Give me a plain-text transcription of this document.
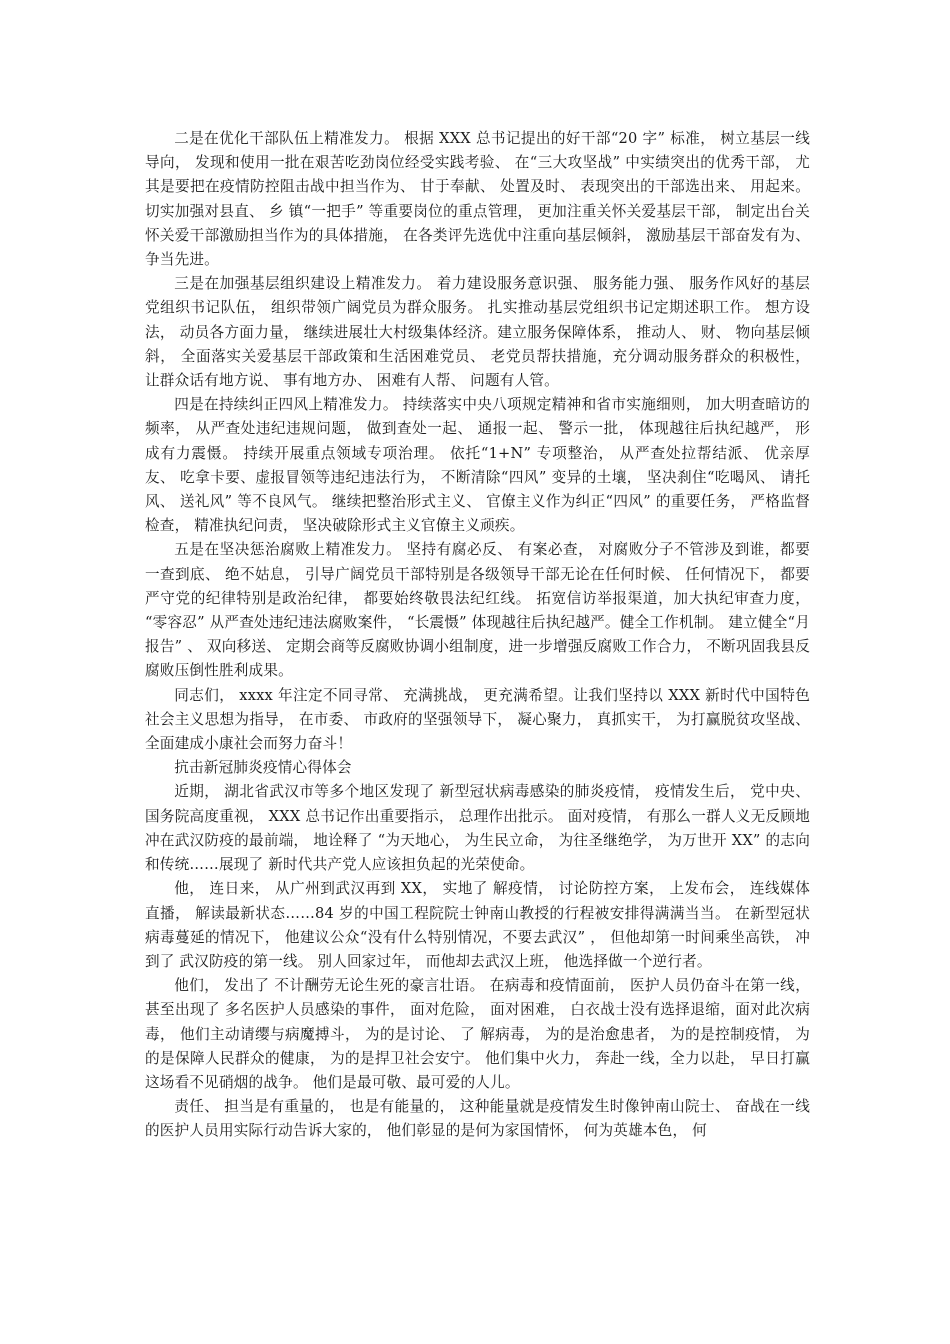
二是在优化干部队伍上精准发力。 根据 XXX 总书记提出的好干部“20 字” 标准， 树立基层一线导向， 发现和使用一批在艰苦吃劲岗位经受实践考验、 在“三大攻坚战” 中实绩突出的优秀干部， 尤其是要把在疫情防控阻击战中担当作为、 甘于奉献、 处置及时、 表现突出的干部选出来、 用起来。 切实加强对县直、 乡 镇“一把手” 等重要岗位的重点管理， 更加注重关怀关爱基层干部， 制定出台关怀关爱干部激励担当作为的具体措施， 在各类评先选优中注重向基层倾斜， 激励基层干部奋发有为、 争当先进。

三是在加强基层组织建设上精准发力。 着力建设服务意识强、 服务能力强、 服务作风好的基层党组织书记队伍， 组织带领广阔党员为群众服务。 扎实推动基层党组织书记定期述职工作。 想方设法， 动员各方面力量， 继续进展壮大村级集体经济。建立服务保障体系， 推动人、 财、 物向基层倾斜， 全面落实关爱基层干部政策和生活困难党员、 老党员帮扶措施，充分调动服务群众的积极性， 让群众话有地方说、 事有地方办、 困难有人帮、 问题有人管。

四是在持续纠正四风上精准发力。 持续落实中央八项规定精神和省市实施细则， 加大明查暗访的频率， 从严查处违纪违规问题， 做到查处一起、 通报一起、 警示一批， 体现越往后执纪越严， 形成有力震慑。 持续开展重点领域专项治理。 依托“1+N” 专项整治， 从严查处拉帮结派、 优亲厚友、 吃拿卡要、虚报冒领等违纪违法行为， 不断清除“四风” 变异的土壤， 坚决刹住“吃喝风、 请托风、 送礼风” 等不良风气。 继续把整治形式主义、 官僚主义作为纠正“四风” 的重要任务， 严格监督检查， 精准执纪问责， 坚决破除形式主义官僚主义顽疾。

五是在坚决惩治腐败上精准发力。 坚持有腐必反、 有案必查， 对腐败分子不管涉及到谁，都要一查到底、 绝不姑息， 引导广阔党员干部特别是各级领导干部无论在任何时候、 任何情况下， 都要严守党的纪律特别是政治纪律， 都要始终敬畏法纪红线。 拓宽信访举报渠道，加大执纪审查力度， “零容忍” 从严查处违纪违法腐败案件， “长震慑” 体现越往后执纪越严。健全工作机制。 建立健全“月 报告” 、 双向移送、 定期会商等反腐败协调小组制度，进一步增强反腐败工作合力， 不断巩固我县反腐败压倒性胜利成果。

同志们， xxxx 年注定不同寻常、 充满挑战， 更充满希望。让我们坚持以 XXX 新时代中国特色社会主义思想为指导， 在市委、 市政府的坚强领导下， 凝心聚力， 真抓实干， 为打赢脱贫攻坚战、 全面建成小康社会而努力奋斗！

抗击新冠肺炎疫情心得体会

近期， 湖北省武汉市等多个地区发现了 新型冠状病毒感染的肺炎疫情， 疫情发生后， 党中央、 国务院高度重视， XXX 总书记作出重要指示， 总理作出批示。 面对疫情， 有那么一群人义无反顾地冲在武汉防疫的最前端， 地诠释了 “为天地心， 为生民立命， 为往圣继绝学， 为万世开 XX” 的志向和传统……展现了 新时代共产党人应该担负起的光荣使命。

他， 连日来， 从广州到武汉再到 XX， 实地了 解疫情， 讨论防控方案， 上发布会， 连线媒体直播， 解读最新状态……84 岁的中国工程院院士钟南山教授的行程被安排得满满当当。 在新型冠状病毒蔓延的情况下， 他建议公众“没有什么特别情况，不要去武汉” ， 但他却第一时间乘坐高铁， 冲到了 武汉防疫的第一线。 别人回家过年， 而他却去武汉上班， 他选择做一个逆行者。

他们， 发出了 不计酬劳无论生死的豪言壮语。 在病毒和疫情面前， 医护人员仍奋斗在第一线， 甚至出现了 多名医护人员感染的事件， 面对危险， 面对困难， 白衣战士没有选择退缩，面对此次病毒， 他们主动请缨与病魔搏斗， 为的是讨论、 了 解病毒， 为的是治愈患者， 为的是控制疫情， 为的是保障人民群众的健康， 为的是捍卫社会安宁。 他们集中火力， 奔赴一线，全力以赴， 早日打赢这场看不见硝烟的战争。 他们是最可敬、最可爱的人儿。

责任、 担当是有重量的， 也是有能量的， 这种能量就是疫情发生时像钟南山院士、 奋战在一线的医护人员用实际行动告诉大家的， 他们彰显的是何为家国情怀， 何为英雄本色， 何
